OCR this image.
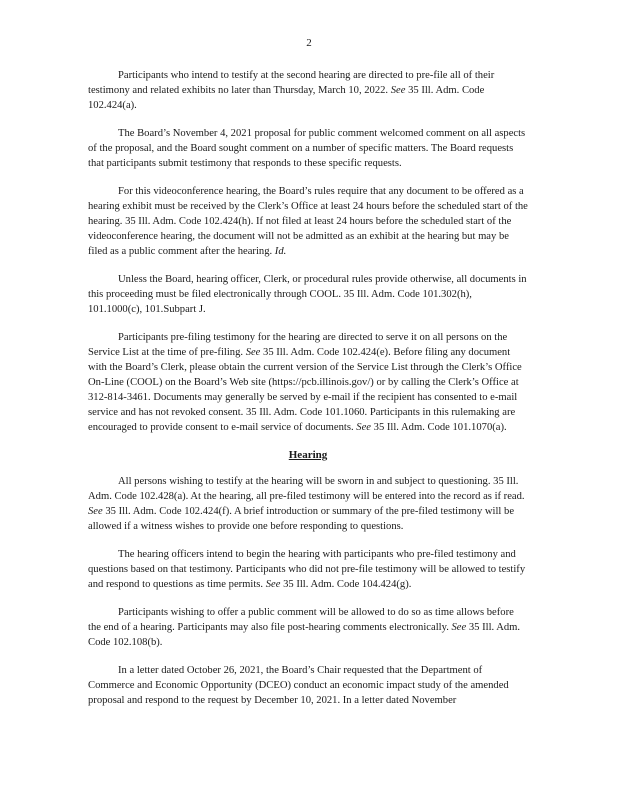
2

Participants who intend to testify at the second hearing are directed to pre-file all of their testimony and related exhibits no later than Thursday, March 10, 2022. See 35 Ill. Adm. Code 102.424(a).

The Board’s November 4, 2021 proposal for public comment welcomed comment on all aspects of the proposal, and the Board sought comment on a number of specific matters. The Board requests that participants submit testimony that responds to these specific requests.

For this videoconference hearing, the Board’s rules require that any document to be offered as a hearing exhibit must be received by the Clerk’s Office at least 24 hours before the scheduled start of the hearing. 35 Ill. Adm. Code 102.424(h). If not filed at least 24 hours before the scheduled start of the videoconference hearing, the document will not be admitted as an exhibit at the hearing but may be filed as a public comment after the hearing. Id.

Unless the Board, hearing officer, Clerk, or procedural rules provide otherwise, all documents in this proceeding must be filed electronically through COOL. 35 Ill. Adm. Code 101.302(h), 101.1000(c), 101.Subpart J.

Participants pre-filing testimony for the hearing are directed to serve it on all persons on the Service List at the time of pre-filing. See 35 Ill. Adm. Code 102.424(e). Before filing any document with the Board’s Clerk, please obtain the current version of the Service List through the Clerk’s Office On-Line (COOL) on the Board’s Web site (https://pcb.illinois.gov/) or by calling the Clerk’s Office at 312-814-3461. Documents may generally be served by e-mail if the recipient has consented to e-mail service and has not revoked consent. 35 Ill. Adm. Code 101.1060. Participants in this rulemaking are encouraged to provide consent to e-mail service of documents. See 35 Ill. Adm. Code 101.1070(a).

Hearing

All persons wishing to testify at the hearing will be sworn in and subject to questioning. 35 Ill. Adm. Code 102.428(a). At the hearing, all pre-filed testimony will be entered into the record as if read. See 35 Ill. Adm. Code 102.424(f). A brief introduction or summary of the pre-filed testimony will be allowed if a witness wishes to provide one before responding to questions.

The hearing officers intend to begin the hearing with participants who pre-filed testimony and questions based on that testimony. Participants who did not pre-file testimony will be allowed to testify and respond to questions as time permits. See 35 Ill. Adm. Code 104.424(g).

Participants wishing to offer a public comment will be allowed to do so as time allows before the end of a hearing. Participants may also file post-hearing comments electronically. See 35 Ill. Adm. Code 102.108(b).

In a letter dated October 26, 2021, the Board’s Chair requested that the Department of Commerce and Economic Opportunity (DCEO) conduct an economic impact study of the amended proposal and respond to the request by December 10, 2021. In a letter dated November
